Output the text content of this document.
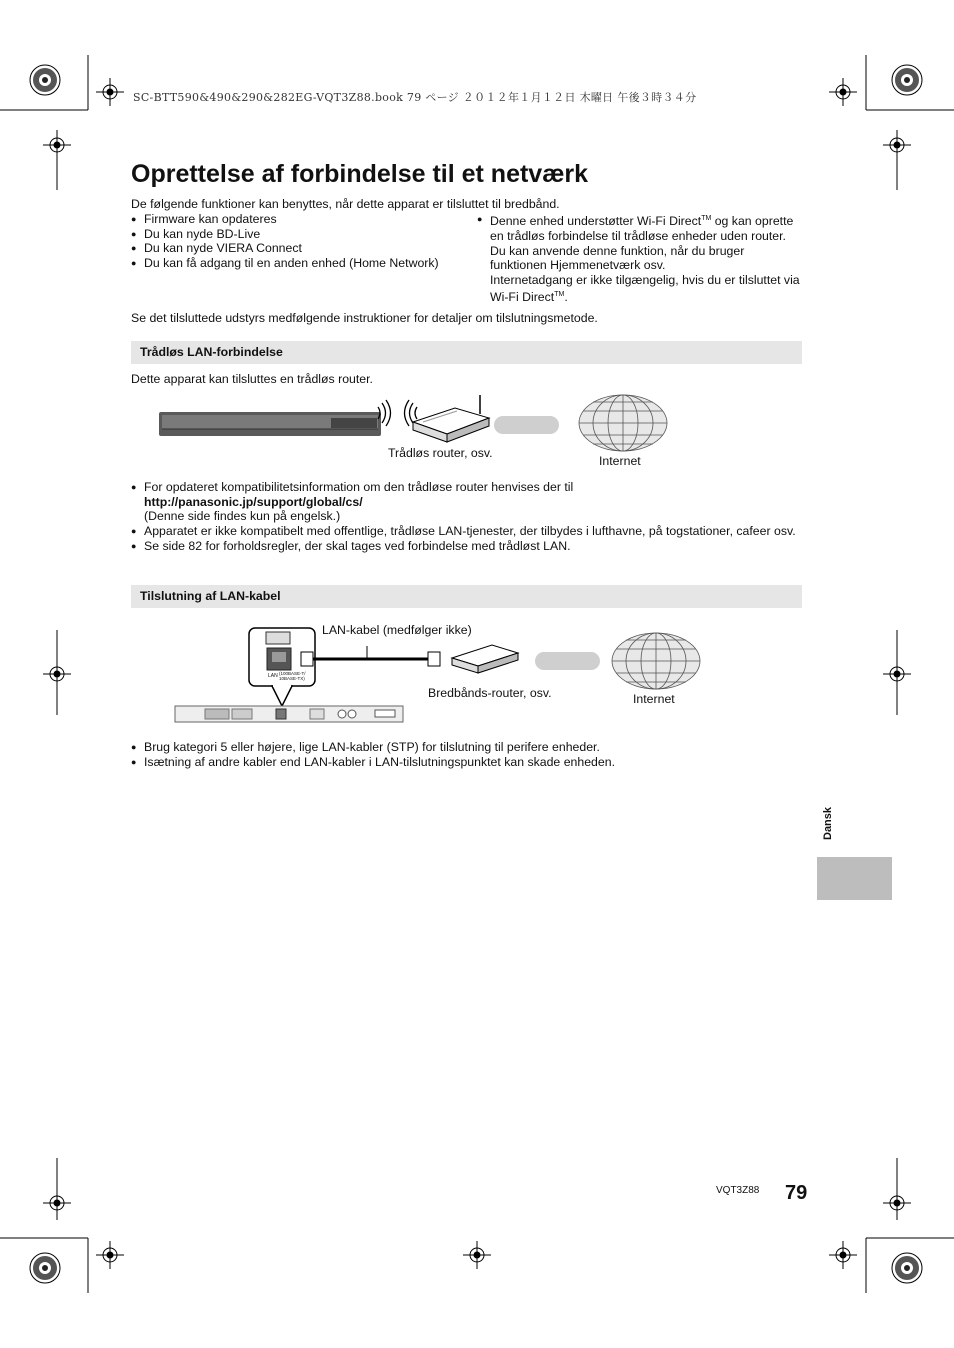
SC-BTT590&490&290&282EG-VQT3Z88.book 79 ページ ２０１２年１月１２日 木曜日 午後３時３４分
Oprettelse af forbindelse til et netværk
De følgende funktioner kan benyttes, når dette apparat er tilsluttet til bredbånd.
● Firmware kan opdateres
● Du kan nyde BD-Live
● Du kan nyde VIERA Connect
● Du kan få adgang til en anden enhed (Home Network)
● Denne enhed understøtter Wi-Fi Direct™ og kan oprette en trådløs forbindelse til trådløse enheder uden router. Du kan anvende denne funktion, når du bruger funktionen Hjemmenetværk osv.
Internetadgang er ikke tilgængelig, hvis du er tilsluttet via Wi-Fi Direct™.
Se det tilsluttede udstyrs medfølgende instruktioner for detaljer om tilslutningsmetode.
Trådløs LAN-forbindelse
Dette apparat kan tilsluttes en trådløs router.
Trådløs router, osv.
Internet
● For opdateret kompatibilitetsinformation om den trådløse router henvises der til
http://panasonic.jp/support/global/cs/
(Denne side findes kun på engelsk.)
● Apparatet er ikke kompatibelt med offentlige, trådløse LAN-tjenester, der tilbydes i lufthavne, på togstationer, cafeer osv.
● Se side 82 for forholdsregler, der skal tages ved forbindelse med trådløst LAN.
Tilslutning af LAN-kabel
LAN (100BASE-T/
10BASE-TX)
LAN-kabel (medfølger ikke)
Bredbånds-router, osv.	Internet
● Brug kategori 5 eller højere, lige LAN-kabler (STP) for tilslutning til perifere enheder.
● Isætning af andre kabler end LAN-kabler i LAN-tilslutningspunktet kan skade enheden.
Dansk
VQT3Z88 79
